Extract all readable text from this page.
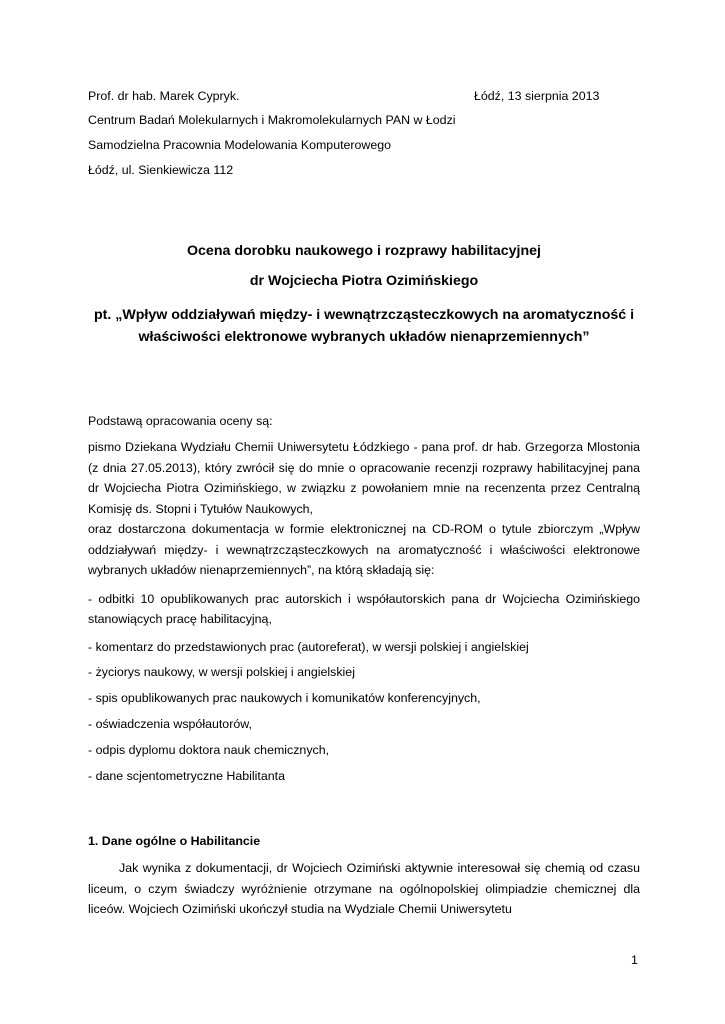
Prof. dr hab. Marek Cypryk.	Łódź, 13 sierpnia 2013
Centrum Badań Molekularnych i Makromolekularnych PAN w Łodzi
Samodzielna Pracownia Modelowania Komputerowego
Łódź, ul. Sienkiewicza 112
Ocena dorobku naukowego i rozprawy habilitacyjnej
dr Wojciecha Piotra Ozimińskiego
pt. „Wpływ oddziaływań między- i wewnątrzcząsteczkowych na aromatyczność i właściwości elektronowe wybranych układów nienaprzemiennych”
Podstawą opracowania oceny są:
pismo Dziekana Wydziału Chemii Uniwersytetu Łódzkiego - pana prof. dr hab. Grzegorza Mlostonia (z dnia 27.05.2013), który zwrócił się do mnie o opracowanie recenzji rozprawy habilitacyjnej pana dr Wojciecha Piotra Ozimińskiego, w związku z powołaniem mnie na recenzenta przez Centralną Komisję ds. Stopni i Tytułów Naukowych,
oraz dostarczona dokumentacja w formie elektronicznej na CD-ROM o tytule zbiorczym „Wpływ oddziaływań między- i wewnątrzcząsteczkowych na aromatyczność i właściwości elektronowe wybranych układów nienaprzemiennych”, na którą składają się:
- odbitki 10 opublikowanych prac autorskich i współautorskich pana dr Wojciecha Ozimińskiego stanowiących pracę habilitacyjną,
- komentarz do przedstawionych prac (autoreferat), w wersji polskiej i angielskiej
- życiorys naukowy, w wersji polskiej i angielskiej
- spis opublikowanych prac naukowych i komunikatów konferencyjnych,
- oświadczenia współautorów,
- odpis dyplomu doktora nauk chemicznych,
- dane scjentometryczne Habilitanta
1. Dane ogólne o Habilitancie
Jak wynika z dokumentacji, dr Wojciech Ozimiński aktywnie interesował się chemią od czasu liceum, o czym świadczy wyróżnienie otrzymane na ogólnopolskiej olimpiadzie chemicznej dla liceów. Wojciech Ozimiński ukończył studia na Wydziale Chemii Uniwersytetu
1
